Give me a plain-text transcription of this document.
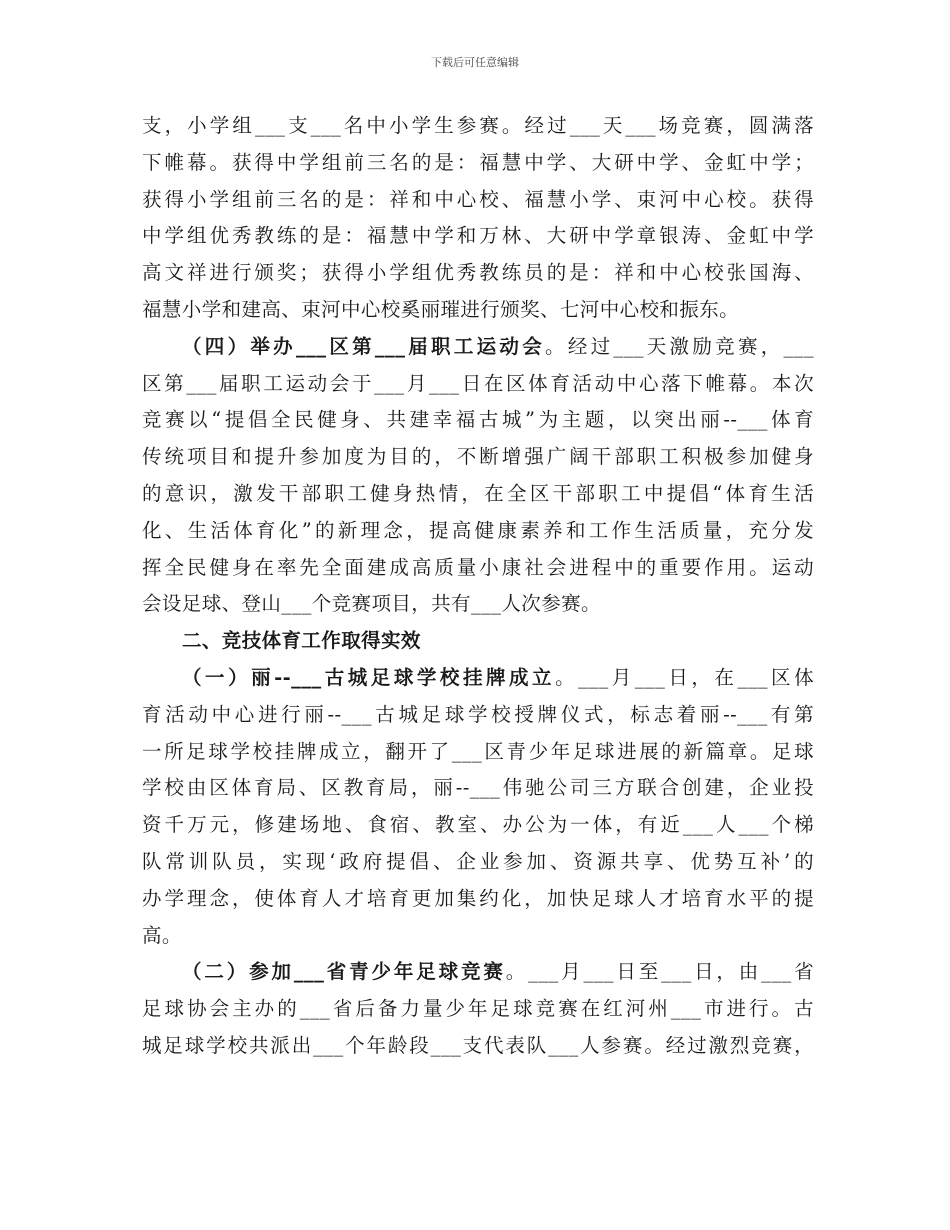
下载后可任意编辑
支，小学组___支___名中小学生参赛。经过___天___场竞赛，圆满落
下帷幕。获得中学组前三名的是：福慧中学、大研中学、金虹中学；
获得小学组前三名的是：祥和中心校、福慧小学、束河中心校。获得
中学组优秀教练的是：福慧中学和万林、大研中学章银涛、金虹中学
高文祥进行颁奖；获得小学组优秀教练员的是：祥和中心校张国海、
福慧小学和建高、束河中心校奚丽璀进行颁奖、七河中心校和振东。
（四）举办___区第___届职工运动会。经过___天激励竞赛，___
区第___届职工运动会于___月___日在区体育活动中心落下帷幕。本次
竞赛以“提倡全民健身、共建幸福古城”为主题，以突出丽--___体育
传统项目和提升参加度为目的，不断增强广阔干部职工积极参加健身
的意识，激发干部职工健身热情，在全区干部职工中提倡“体育生活
化、生活体育化”的新理念，提高健康素养和工作生活质量，充分发
挥全民健身在率先全面建成高质量小康社会进程中的重要作用。运动
会设足球、登山___个竞赛项目，共有___人次参赛。
二、竞技体育工作取得实效
（一）丽--___古城足球学校挂牌成立。___月___日，在___区体
育活动中心进行丽--___古城足球学校授牌仪式，标志着丽--___有第
一所足球学校挂牌成立，翻开了___区青少年足球进展的新篇章。足球
学校由区体育局、区教育局，丽--___伟驰公司三方联合创建，企业投
资千万元，修建场地、食宿、教室、办公为一体，有近___人___个梯
队常训队员，实现‘政府提倡、企业参加、资源共享、优势互补’的
办学理念，使体育人才培育更加集约化，加快足球人才培育水平的提
高。
（二）参加___省青少年足球竞赛。___月___日至___日，由___省
足球协会主办的___省后备力量少年足球竞赛在红河州___市进行。古
城足球学校共派出___个年龄段___支代表队___人参赛。经过激烈竞赛，
